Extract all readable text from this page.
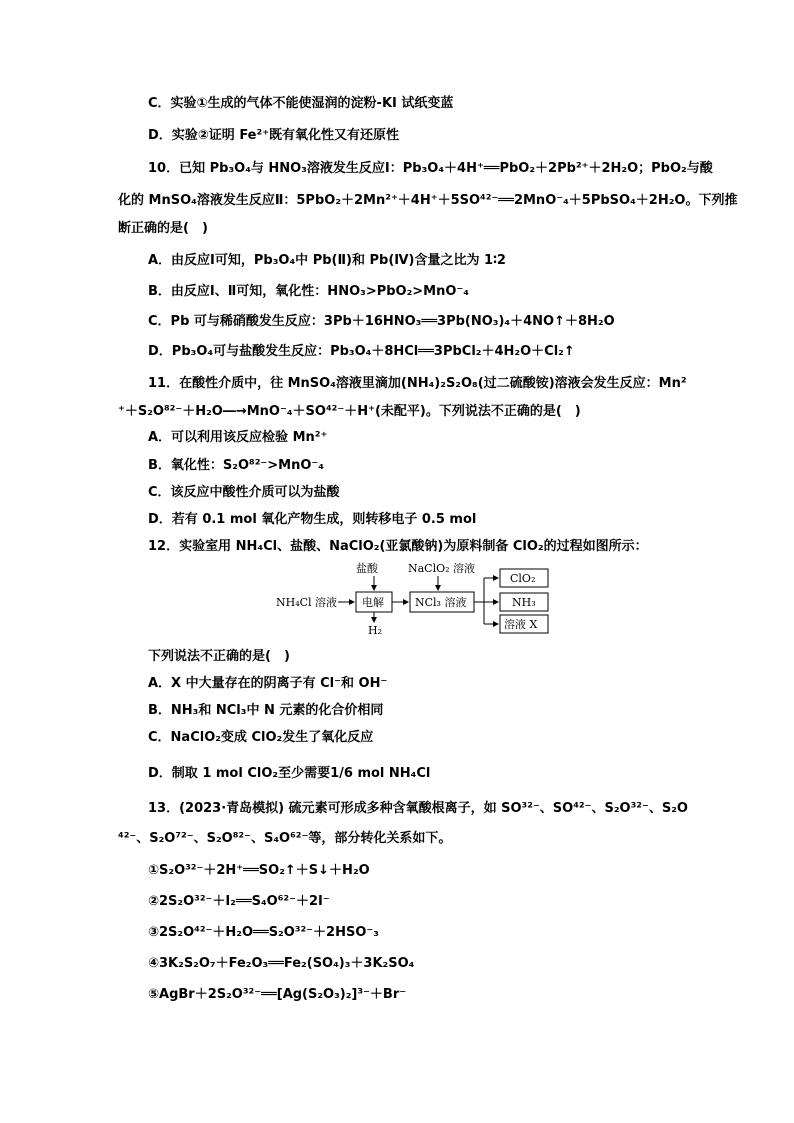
C．实验①生成的气体不能使湿润的淀粉-KI 试纸变蓝
D．实验②证明 Fe²⁺既有氧化性又有还原性
10．已知 Pb₃O₄与 HNO₃溶液发生反应Ⅰ：Pb₃O₄＋4H⁺══PbO₂＋2Pb²⁺＋2H₂O；PbO₂与酸
化的 MnSO₄溶液发生反应Ⅱ：5PbO₂＋2Mn²⁺＋4H⁺＋5SO⁴²⁻══2MnO⁻₄＋5PbSO₄＋2H₂O。下列推
断正确的是(　)
A．由反应Ⅰ可知，Pb₃O₄中 Pb(Ⅱ)和 Pb(Ⅳ)含量之比为 1∶2
B．由反应Ⅰ、Ⅱ可知，氧化性：HNO₃>PbO₂>MnO⁻₄
C．Pb 可与稀硝酸发生反应：3Pb＋16HNO₃══3Pb(NO₃)₄＋4NO↑＋8H₂O
D．Pb₃O₄可与盐酸发生反应：Pb₃O₄＋8HCl══3PbCl₂＋4H₂O＋Cl₂↑
11．在酸性介质中，往 MnSO₄溶液里滴加(NH₄)₂S₂O₈(过二硫酸铵)溶液会发生反应：Mn²
⁺＋S₂O⁸²⁻＋H₂O―→MnO⁻₄＋SO⁴²⁻＋H⁺(未配平)。下列说法不正确的是(　)
A．可以利用该反应检验 Mn²⁺
B．氧化性：S₂O⁸²⁻>MnO⁻₄
C．该反应中酸性介质可以为盐酸
D．若有 0.1 mol 氧化产物生成，则转移电子 0.5 mol
12．实验室用 NH₄Cl、盐酸、NaClO₂(亚氯酸钠)为原料制备 ClO₂的过程如图所示：
NH₄Cl 溶液
盐酸
电解
H₂
NaClO₂ 溶液
NCl₃ 溶液
ClO₂
NH₃
溶液 X
下列说法不正确的是(　)
A．X 中大量存在的阴离子有 Cl⁻和 OH⁻
B．NH₃和 NCl₃中 N 元素的化合价相同
C．NaClO₂变成 ClO₂发生了氧化反应
D．制取 1 mol ClO₂至少需要1/6 mol NH₄Cl
13．(2023·青岛模拟) 硫元素可形成多种含氧酸根离子，如 SO³²⁻、SO⁴²⁻、S₂O³²⁻、S₂O
⁴²⁻、S₂O⁷²⁻、S₂O⁸²⁻、S₄O⁶²⁻等，部分转化关系如下。
①S₂O³²⁻＋2H⁺══SO₂↑＋S↓＋H₂O
②2S₂O³²⁻＋I₂══S₄O⁶²⁻＋2I⁻
③2S₂O⁴²⁻＋H₂O══S₂O³²⁻＋2HSO⁻₃
④3K₂S₂O₇＋Fe₂O₃══Fe₂(SO₄)₃＋3K₂SO₄
⑤AgBr＋2S₂O³²⁻══[Ag(S₂O₃)₂]³⁻＋Br⁻
